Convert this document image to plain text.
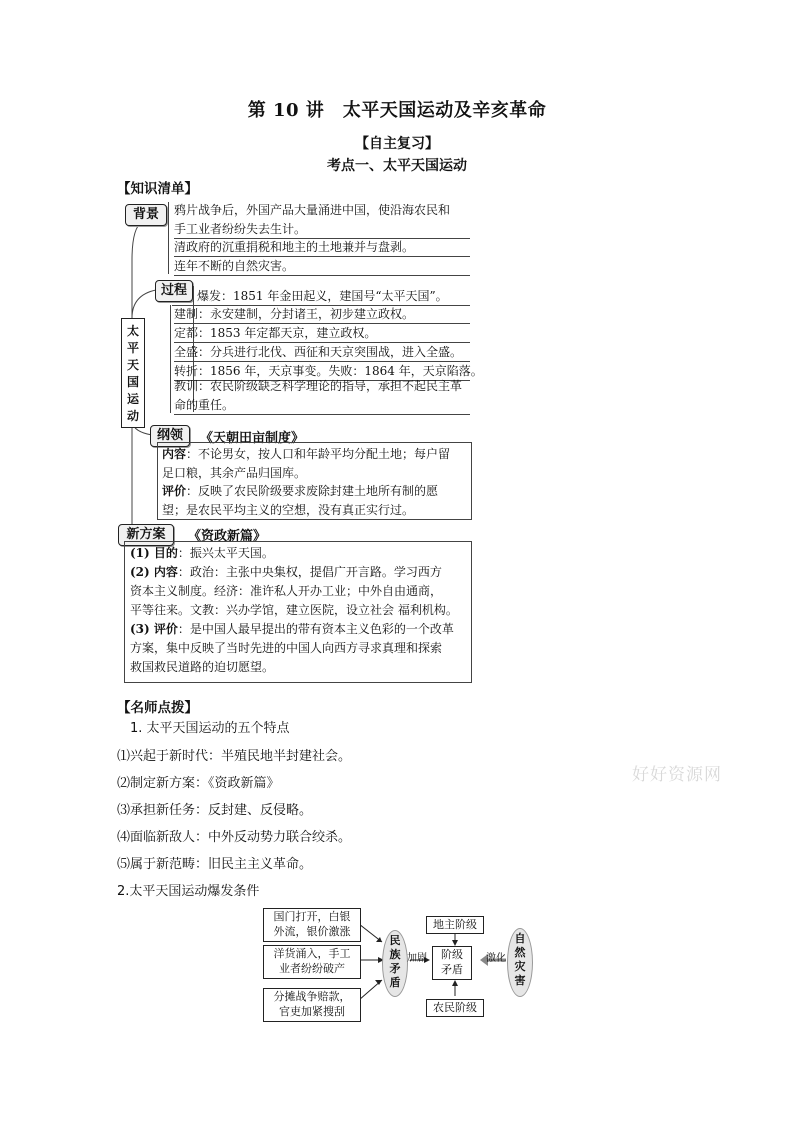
第 10 讲　太平天国运动及辛亥革命
【自主复习】
考点一、太平天国运动
【知识清单】
太
平
天
国
运
动
背景	鸦片战争后，外国产品大量涌进中国，使沿海农民和
手工业者纷纷失去生计。
清政府的沉重捐税和地主的土地兼并与盘剥。
连年不断的自然灾害。
过程 爆发：1851 年金田起义，建国号“太平天国”。
建制：永安建制，分封诸王，初步建立政权。
定都：1853 年定都天京，建立政权。
全盛：分兵进行北伐、西征和天京突围战，进入全盛。
转折：1856 年，天京事变。失败：1864 年，天京陷落。
教训：农民阶级缺乏科学理论的指导，承担不起民主革
命的重任。
纲领	《天朝田亩制度》
内容：不论男女，按人口和年龄平均分配土地；每户留
足口粮，其余产品归国库。
评价：反映了农民阶级要求废除封建土地所有制的愿
望；是农民平均主义的空想，没有真正实行过。
新方案	《资政新篇》
(1) 目的：振兴太平天国。
(2) 内容：政治：主张中央集权，提倡广开言路。学习西方
资本主义制度。经济：准许私人开办工业；中外自由通商，
平等往来。文教：兴办学馆，建立医院，设立社会 福利机构。
(3) 评价：是中国人最早提出的带有资本主义色彩的一个改革
方案，集中反映了当时先进的中国人向西方寻求真理和探索
救国救民道路的迫切愿望。
【名师点拨】
1. 太平天国运动的五个特点
⑴兴起于新时代：半殖民地半封建社会。
⑵制定新方案：《资政新篇》
⑶承担新任务：反封建、反侵略。
⑷面临新敌人：中外反动势力联合绞杀。
⑸属于新范畴：旧民主主义革命。
2.太平天国运动爆发条件
好好资源网
国门打开，白银
外流，银价激涨
洋货涌入，手工
业者纷纷破产
分摊战争赔款，
官吏加紧搜刮
民
族
矛
盾
加剧
地主阶级
阶级
矛盾
农民阶级
激化
自
然
灾
害
